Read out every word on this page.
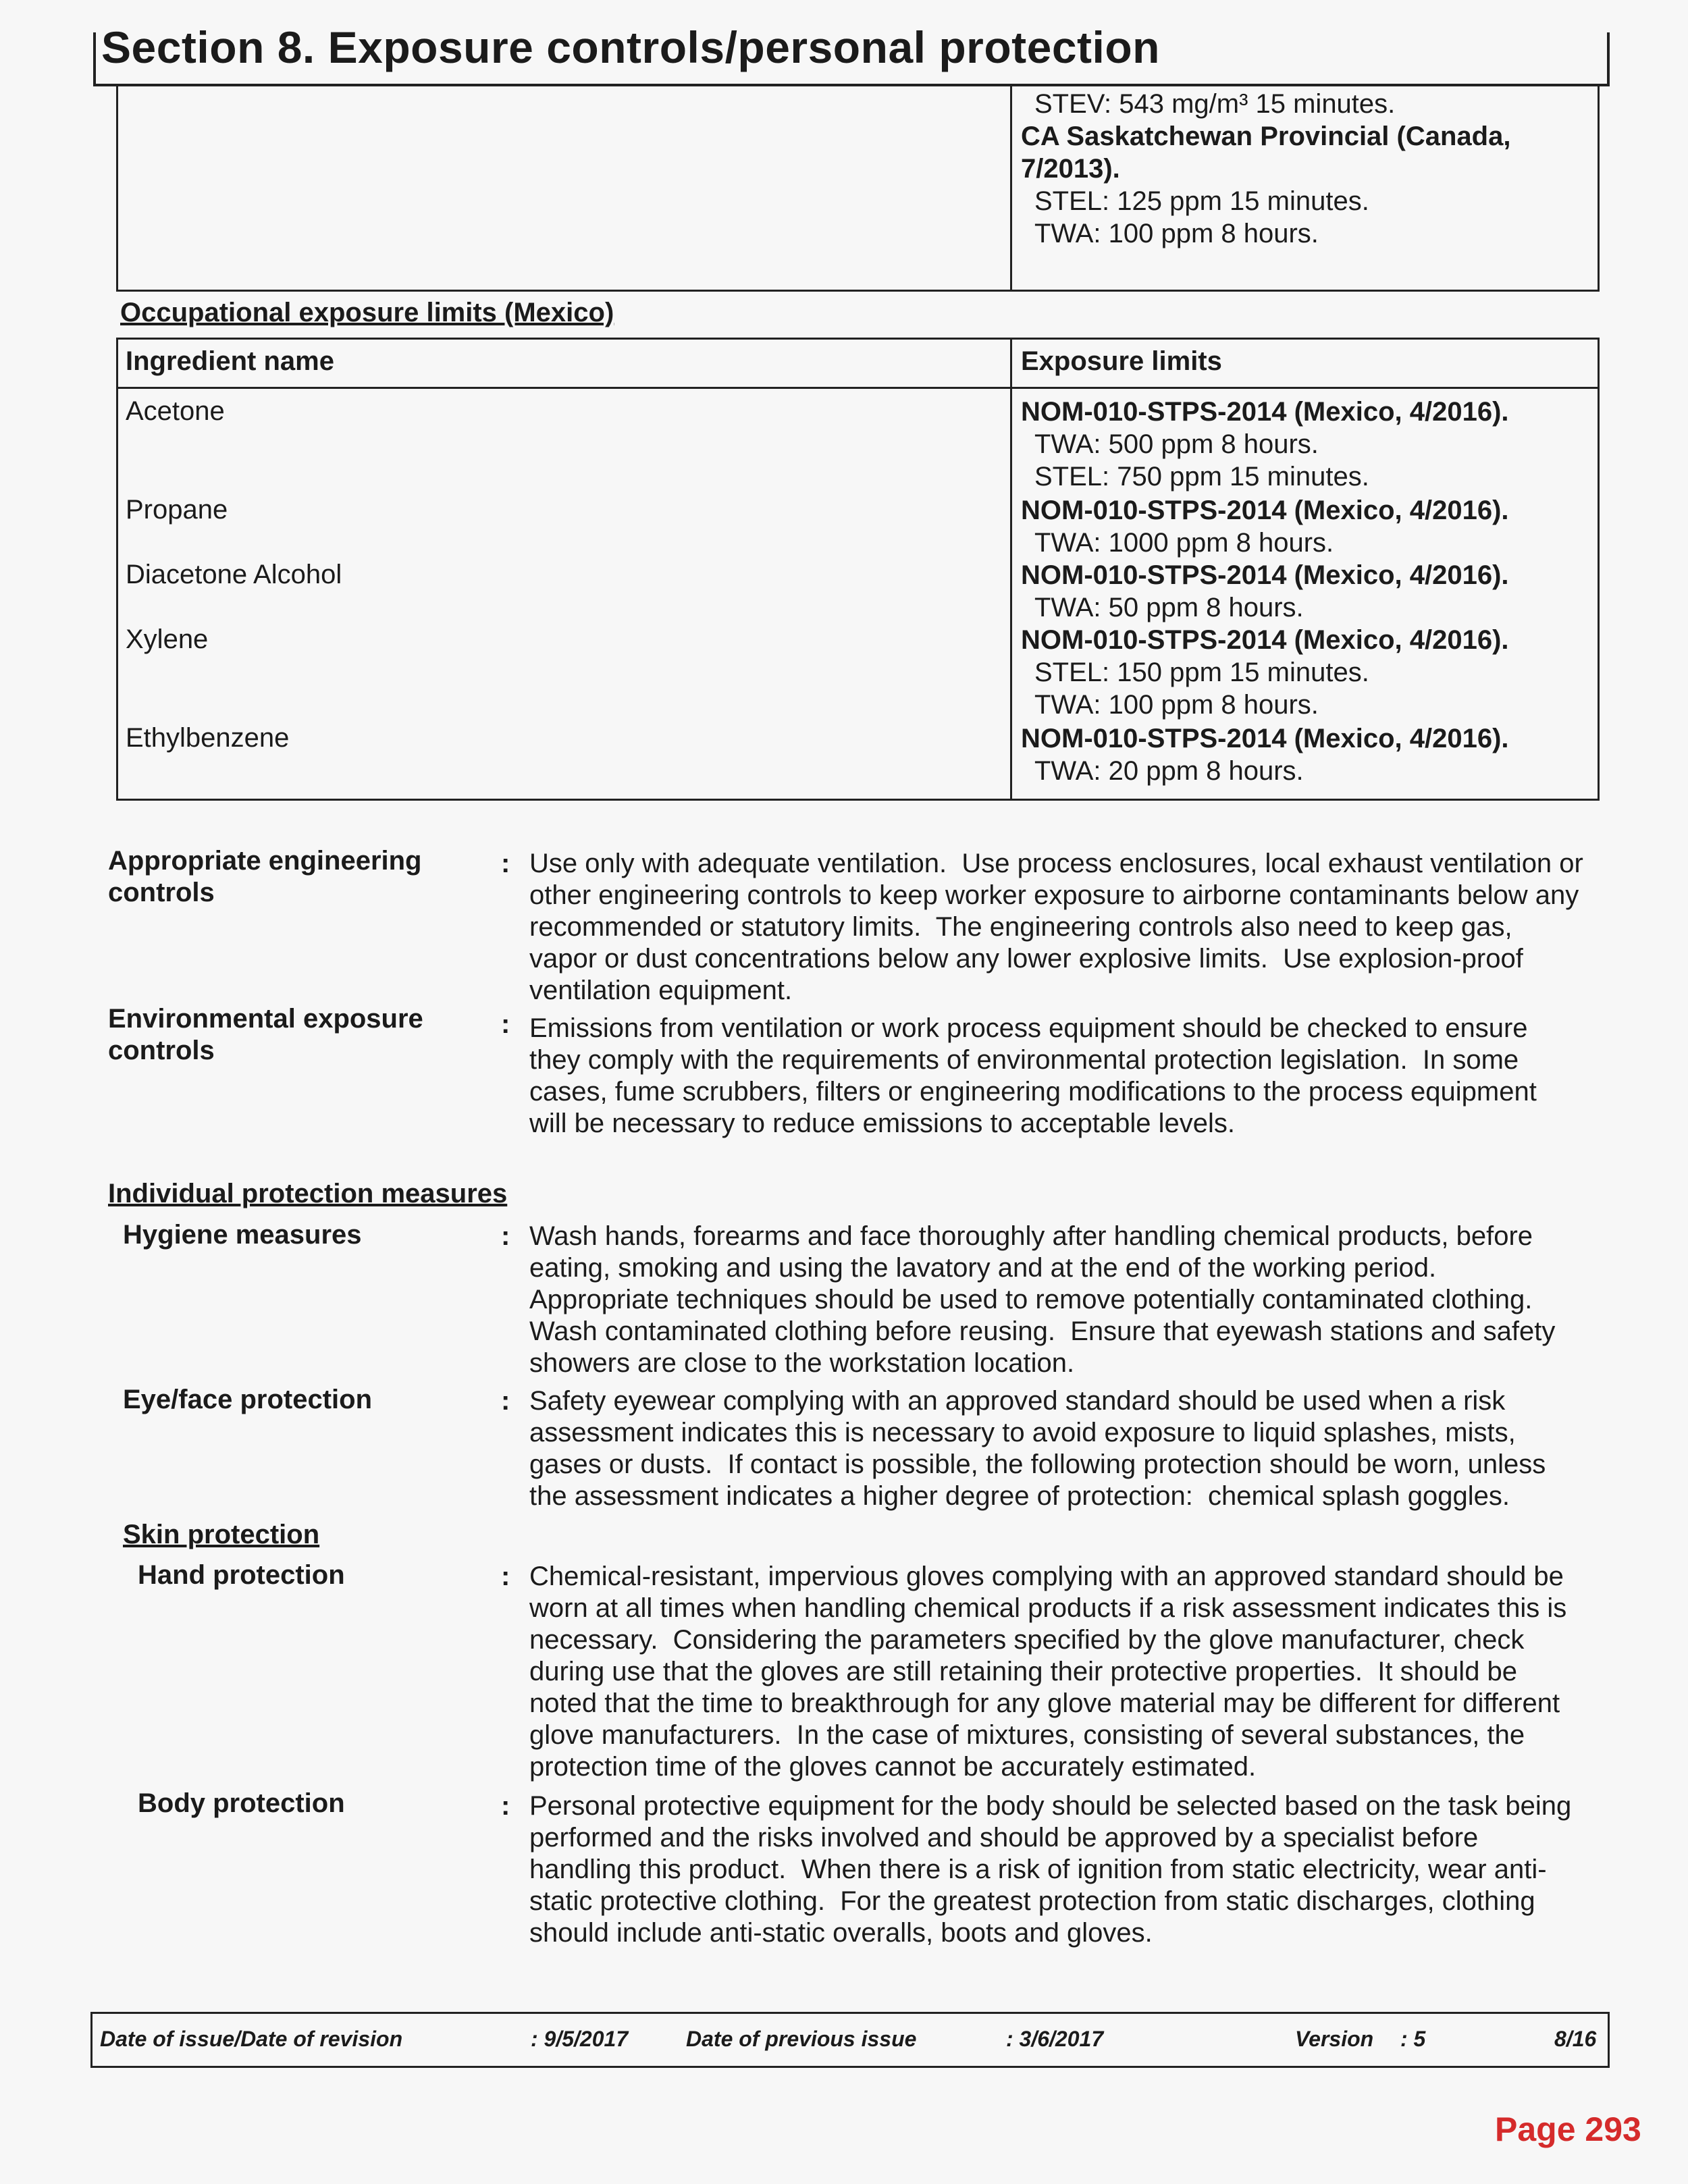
Section 8. Exposure controls/personal protection
STEV: 543 mg/m³ 15 minutes.
CA Saskatchewan Provincial (Canada,
7/2013).
STEL: 125 ppm 15 minutes.
TWA: 100 ppm 8 hours.
Occupational exposure limits (Mexico)
Ingredient name	Exposure limits
Acetone	NOM-010-STPS-2014 (Mexico, 4/2016).
TWA: 500 ppm 8 hours.
STEL: 750 ppm 15 minutes.
Propane	NOM-010-STPS-2014 (Mexico, 4/2016).
TWA: 1000 ppm 8 hours.
Diacetone Alcohol	NOM-010-STPS-2014 (Mexico, 4/2016).
TWA: 50 ppm 8 hours.
Xylene	NOM-010-STPS-2014 (Mexico, 4/2016).
STEL: 150 ppm 15 minutes.
TWA: 100 ppm 8 hours.
Ethylbenzene	NOM-010-STPS-2014 (Mexico, 4/2016).
TWA: 20 ppm 8 hours.
Appropriate engineering
controls
: Use only with adequate ventilation.  Use process enclosures, local exhaust ventilation or
other engineering controls to keep worker exposure to airborne contaminants below any
recommended or statutory limits.  The engineering controls also need to keep gas,
vapor or dust concentrations below any lower explosive limits.  Use explosion-proof
ventilation equipment.
Environmental exposure
controls
: Emissions from ventilation or work process equipment should be checked to ensure
they comply with the requirements of environmental protection legislation.  In some
cases, fume scrubbers, filters or engineering modifications to the process equipment
will be necessary to reduce emissions to acceptable levels.
Individual protection measures
Hygiene measures	: Wash hands, forearms and face thoroughly after handling chemical products, before
eating, smoking and using the lavatory and at the end of the working period.
Appropriate techniques should be used to remove potentially contaminated clothing.
Wash contaminated clothing before reusing.  Ensure that eyewash stations and safety
showers are close to the workstation location.
Eye/face protection	: Safety eyewear complying with an approved standard should be used when a risk
assessment indicates this is necessary to avoid exposure to liquid splashes, mists,
gases or dusts.  If contact is possible, the following protection should be worn, unless
the assessment indicates a higher degree of protection:  chemical splash goggles.
Skin protection
Hand protection	: Chemical-resistant, impervious gloves complying with an approved standard should be
worn at all times when handling chemical products if a risk assessment indicates this is
necessary.  Considering the parameters specified by the glove manufacturer, check
during use that the gloves are still retaining their protective properties.  It should be
noted that the time to breakthrough for any glove material may be different for different
glove manufacturers.  In the case of mixtures, consisting of several substances, the
protection time of the gloves cannot be accurately estimated.
Body protection	: Personal protective equipment for the body should be selected based on the task being
performed and the risks involved and should be approved by a specialist before
handling this product.  When there is a risk of ignition from static electricity, wear anti-
static protective clothing.  For the greatest protection from static discharges, clothing
should include anti-static overalls, boots and gloves.
Date of issue/Date of revision	: 9/5/2017	Date of previous issue	: 3/6/2017	Version : 5	8/16
Page 293
